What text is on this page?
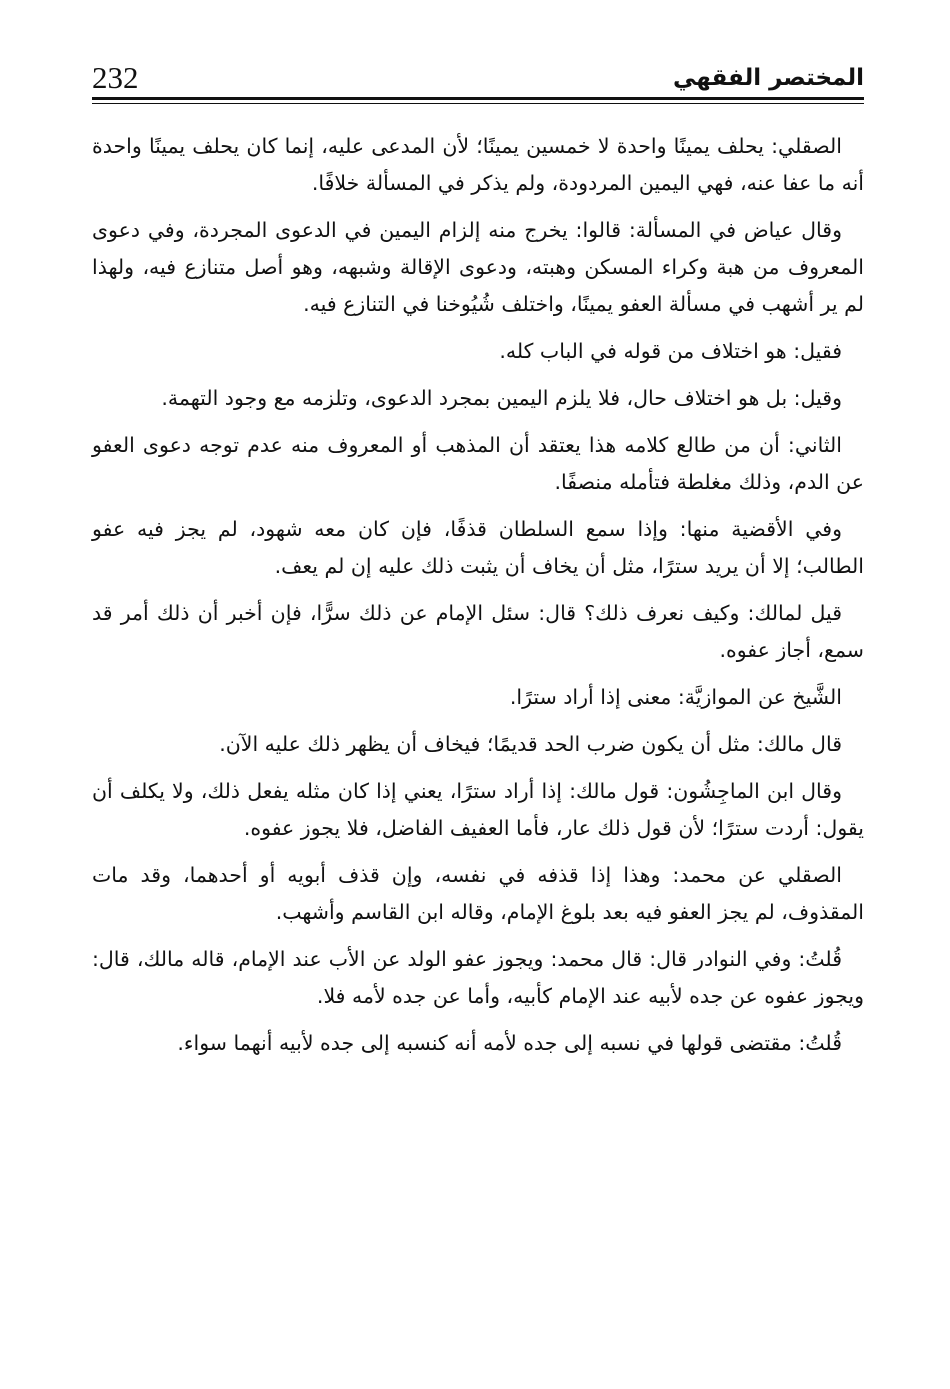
232	المختصر الفقهي

الصقلي: يحلف يمينًا واحدة لا خمسين يمينًا؛ لأن المدعى عليه، إنما كان يحلف يمينًا واحدة أنه ما عفا عنه، فهي اليمين المردودة، ولم يذكر في المسألة خلافًا.

وقال عياض في المسألة: قالوا: يخرج منه إلزام اليمين في الدعوى المجردة، وفي دعوى المعروف من هبة وكراء المسكن وهبته، ودعوى الإقالة وشبهه، وهو أصل متنازع فيه، ولهذا لم ير أشهب في مسألة العفو يمينًا، واختلف شُيُوخنا في التنازع فيه.

فقيل: هو اختلاف من قوله في الباب كله.

وقيل: بل هو اختلاف حال، فلا يلزم اليمين بمجرد الدعوى، وتلزمه مع وجود التهمة.

الثاني: أن من طالع كلامه هذا يعتقد أن المذهب أو المعروف منه عدم توجه دعوى العفو عن الدم، وذلك مغلطة فتأمله منصفًا.

وفي الأقضية منها: وإذا سمع السلطان قذفًا، فإن كان معه شهود، لم يجز فيه عفو الطالب؛ إلا أن يريد سترًا، مثل أن يخاف أن يثبت ذلك عليه إن لم يعف.

قيل لمالك: وكيف نعرف ذلك؟ قال: سئل الإمام عن ذلك سرًّا، فإن أخبر أن ذلك أمر قد سمع، أجاز عفوه.

الشَّيخ عن الموازيَّة: معنى إذا أراد سترًا.

قال مالك: مثل أن يكون ضرب الحد قديمًا؛ فيخاف أن يظهر ذلك عليه الآن.

وقال ابن الماجِشُون: قول مالك: إذا أراد سترًا، يعني إذا كان مثله يفعل ذلك، ولا يكلف أن يقول: أردت سترًا؛ لأن قول ذلك عار، فأما العفيف الفاضل، فلا يجوز عفوه.

الصقلي عن محمد: وهذا إذا قذفه في نفسه، وإن قذف أبويه أو أحدهما، وقد مات المقذوف، لم يجز العفو فيه بعد بلوغ الإمام، وقاله ابن القاسم وأشهب.

قُلتُ: وفي النوادر قال: قال محمد: ويجوز عفو الولد عن الأب عند الإمام، قاله مالك، قال: ويجوز عفوه عن جده لأبيه عند الإمام كأبيه، وأما عن جده لأمه فلا.

قُلتُ: مقتضى قولها في نسبه إلى جده لأمه أنه كنسبه إلى جده لأبيه أنهما سواء.
